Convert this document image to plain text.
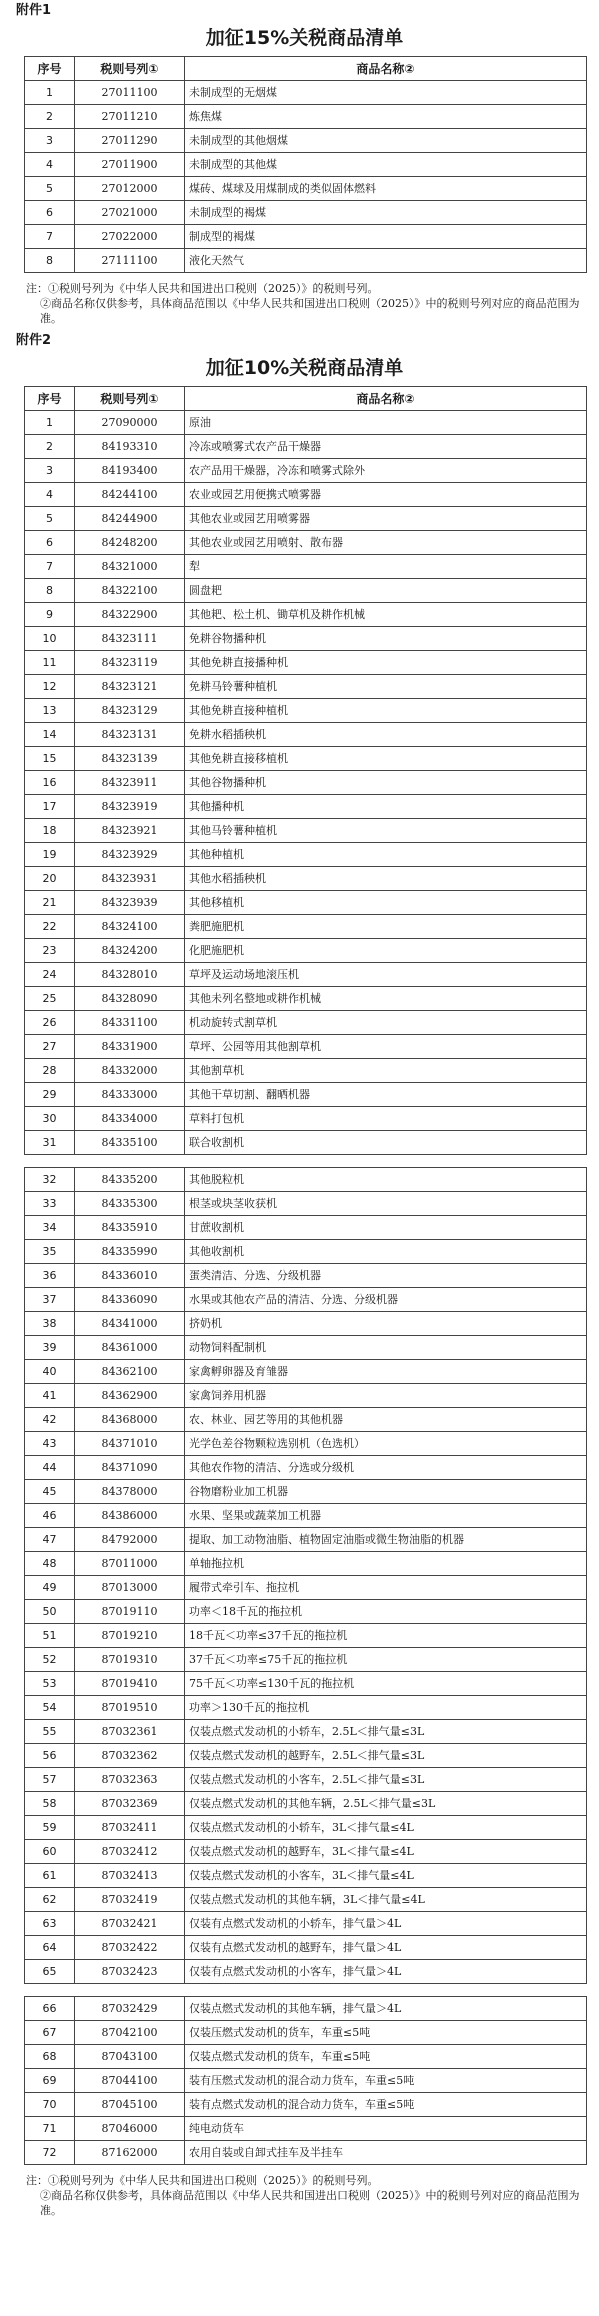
附件1
加征15%关税商品清单
序号	税则号列①	商品名称②
1	27011100	未制成型的无烟煤
2	27011210	炼焦煤
3	27011290	未制成型的其他烟煤
4	27011900	未制成型的其他煤
5	27012000	煤砖、煤球及用煤制成的类似固体燃料
6	27021000	未制成型的褐煤
7	27022000	制成型的褐煤
8	27111100	液化天然气
注：①税则号列为《中华人民共和国进出口税则（2025）》的税则号列。
②商品名称仅供参考，具体商品范围以《中华人民共和国进出口税则（2025）》中的税则号列对应的商品范围为准。
附件2
加征10%关税商品清单
序号	税则号列①	商品名称②
1	27090000	原油
2	84193310	冷冻或喷雾式农产品干燥器
3	84193400	农产品用干燥器，冷冻和喷雾式除外
4	84244100	农业或园艺用便携式喷雾器
5	84244900	其他农业或园艺用喷雾器
6	84248200	其他农业或园艺用喷射、散布器
7	84321000	犁
8	84322100	圆盘耙
9	84322900	其他耙、松土机、锄草机及耕作机械
10	84323111	免耕谷物播种机
11	84323119	其他免耕直接播种机
12	84323121	免耕马铃薯种植机
13	84323129	其他免耕直接种植机
14	84323131	免耕水稻插秧机
15	84323139	其他免耕直接移植机
16	84323911	其他谷物播种机
17	84323919	其他播种机
18	84323921	其他马铃薯种植机
19	84323929	其他种植机
20	84323931	其他水稻插秧机
21	84323939	其他移植机
22	84324100	粪肥施肥机
23	84324200	化肥施肥机
24	84328010	草坪及运动场地滚压机
25	84328090	其他未列名整地或耕作机械
26	84331100	机动旋转式割草机
27	84331900	草坪、公园等用其他割草机
28	84332000	其他割草机
29	84333000	其他干草切割、翻晒机器
30	84334000	草料打包机
31	84335100	联合收割机

32	84335200	其他脱粒机
33	84335300	根茎或块茎收获机
34	84335910	甘蔗收割机
35	84335990	其他收割机
36	84336010	蛋类清洁、分选、分级机器
37	84336090	水果或其他农产品的清洁、分选、分级机器
38	84341000	挤奶机
39	84361000	动物饲料配制机
40	84362100	家禽孵卵器及育雏器
41	84362900	家禽饲养用机器
42	84368000	农、林业、园艺等用的其他机器
43	84371010	光学色差谷物颗粒选别机（色选机）
44	84371090	其他农作物的清洁、分选或分级机
45	84378000	谷物磨粉业加工机器
46	84386000	水果、坚果或蔬菜加工机器
47	84792000	提取、加工动物油脂、植物固定油脂或微生物油脂的机器
48	87011000	单轴拖拉机
49	87013000	履带式牵引车、拖拉机
50	87019110	功率＜18千瓦的拖拉机
51	87019210	18千瓦＜功率≤37千瓦的拖拉机
52	87019310	37千瓦＜功率≤75千瓦的拖拉机
53	87019410	75千瓦＜功率≤130千瓦的拖拉机
54	87019510	功率＞130千瓦的拖拉机
55	87032361	仅装点燃式发动机的小轿车，2.5L＜排气量≤3L
56	87032362	仅装点燃式发动机的越野车，2.5L＜排气量≤3L
57	87032363	仅装点燃式发动机的小客车，2.5L＜排气量≤3L
58	87032369	仅装点燃式发动机的其他车辆，2.5L＜排气量≤3L
59	87032411	仅装点燃式发动机的小轿车，3L＜排气量≤4L
60	87032412	仅装点燃式发动机的越野车，3L＜排气量≤4L
61	87032413	仅装点燃式发动机的小客车，3L＜排气量≤4L
62	87032419	仅装点燃式发动机的其他车辆，3L＜排气量≤4L
63	87032421	仅装有点燃式发动机的小轿车，排气量＞4L
64	87032422	仅装有点燃式发动机的越野车，排气量＞4L
65	87032423	仅装有点燃式发动机的小客车，排气量＞4L

66	87032429	仅装点燃式发动机的其他车辆，排气量＞4L
67	87042100	仅装压燃式发动机的货车，车重≤5吨
68	87043100	仅装点燃式发动机的货车，车重≤5吨
69	87044100	装有压燃式发动机的混合动力货车，车重≤5吨
70	87045100	装有点燃式发动机的混合动力货车，车重≤5吨
71	87046000	纯电动货车
72	87162000	农用自装或自卸式挂车及半挂车
注：①税则号列为《中华人民共和国进出口税则（2025）》的税则号列。
②商品名称仅供参考，具体商品范围以《中华人民共和国进出口税则（2025）》中的税则号列对应的商品范围为准。
